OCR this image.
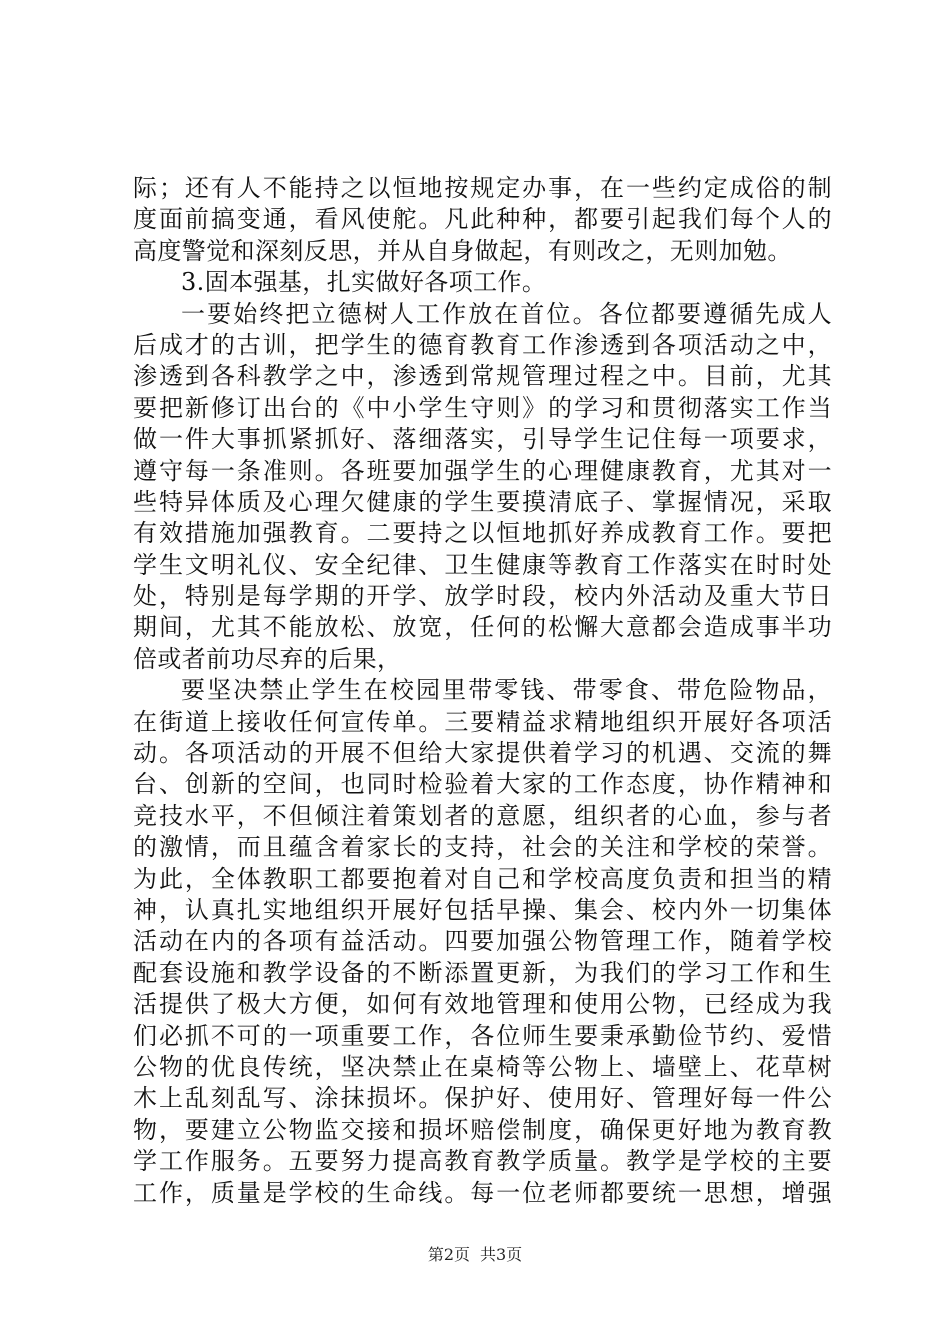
际；还有人不能持之以恒地按规定办事，在一些约定成俗的制
度面前搞变通，看风使舵。凡此种种，都要引起我们每个人的
高度警觉和深刻反思，并从自身做起，有则改之，无则加勉。
3.固本强基，扎实做好各项工作。
一要始终把立德树人工作放在首位。各位都要遵循先成人
后成才的古训，把学生的德育教育工作渗透到各项活动之中，
渗透到各科教学之中，渗透到常规管理过程之中。目前，尤其
要把新修订出台的《中小学生守则》的学习和贯彻落实工作当
做一件大事抓紧抓好、落细落实，引导学生记住每一项要求，
遵守每一条准则。各班要加强学生的心理健康教育，尤其对一
些特异体质及心理欠健康的学生要摸清底子、掌握情况，采取
有效措施加强教育。二要持之以恒地抓好养成教育工作。要把
学生文明礼仪、安全纪律、卫生健康等教育工作落实在时时处
处，特别是每学期的开学、放学时段，校内外活动及重大节日
期间，尤其不能放松、放宽，任何的松懈大意都会造成事半功
倍或者前功尽弃的后果，
要坚决禁止学生在校园里带零钱、带零食、带危险物品，
在街道上接收任何宣传单。三要精益求精地组织开展好各项活
动。各项活动的开展不但给大家提供着学习的机遇、交流的舞
台、创新的空间，也同时检验着大家的工作态度，协作精神和
竞技水平，不但倾注着策划者的意愿，组织者的心血，参与者
的激情，而且蕴含着家长的支持，社会的关注和学校的荣誉。
为此，全体教职工都要抱着对自己和学校高度负责和担当的精
神，认真扎实地组织开展好包括早操、集会、校内外一切集体
活动在内的各项有益活动。四要加强公物管理工作，随着学校
配套设施和教学设备的不断添置更新，为我们的学习工作和生
活提供了极大方便，如何有效地管理和使用公物，已经成为我
们必抓不可的一项重要工作，各位师生要秉承勤俭节约、爱惜
公物的优良传统，坚决禁止在桌椅等公物上、墙壁上、花草树
木上乱刻乱写、涂抹损坏。保护好、使用好、管理好每一件公
物，要建立公物监交接和损坏赔偿制度，确保更好地为教育教
学工作服务。五要努力提高教育教学质量。教学是学校的主要
工作，质量是学校的生命线。每一位老师都要统一思想，增强
第2页 共3页
